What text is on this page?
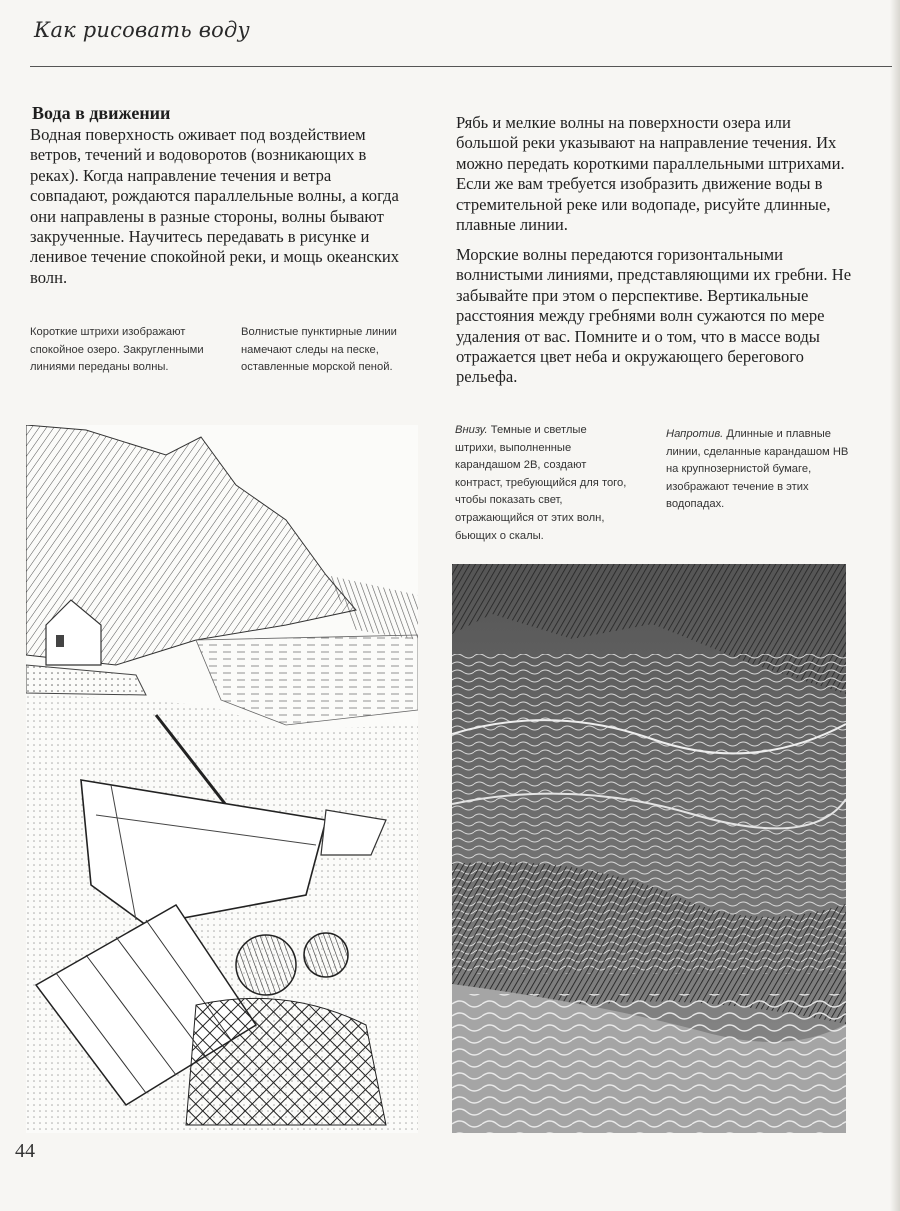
Как рисовать воду
Вода в движении

Водная поверхность оживает под воздействием ветров, течений и водоворотов (возникающих в реках). Когда направление течения и ветра совпадают, рождаются параллельные волны, а когда они направлены в разные стороны, волны бывают закрученные. Научитесь передавать в рисунке и ленивое течение спокойной реки, и мощь океанских волн.

Рябь и мелкие волны на поверхности озера или большой реки указывают на направление течения. Их можно передать короткими параллельными штрихами. Если же вам требуется изобразить движение воды в стремительной реке или водопаде, рисуйте длинные, плавные линии.

Морские волны передаются горизонтальными волнистыми линиями, представляющими их гребни. Не забывайте при этом о перспективе. Вертикальные расстояния между гребнями волн сужаются по мере удаления от вас. Помните и о том, что в массе воды отражается цвет неба и окружающего берегового рельефа.

Короткие штрихи изображают спокойное озеро. Закругленными линиями переданы волны.

Волнистые пунктирные линии намечают следы на песке, оставленные морской пеной.

Внизу. Темные и светлые штрихи, выполненные карандашом 2B, создают контраст, требующийся для того, чтобы показать свет, отражающийся от этих волн, бьющих о скалы.

Напротив. Длинные и плавные линии, сделанные карандашом HB на крупнозернистой бумаге, изображают течение в этих водопадах.

44
